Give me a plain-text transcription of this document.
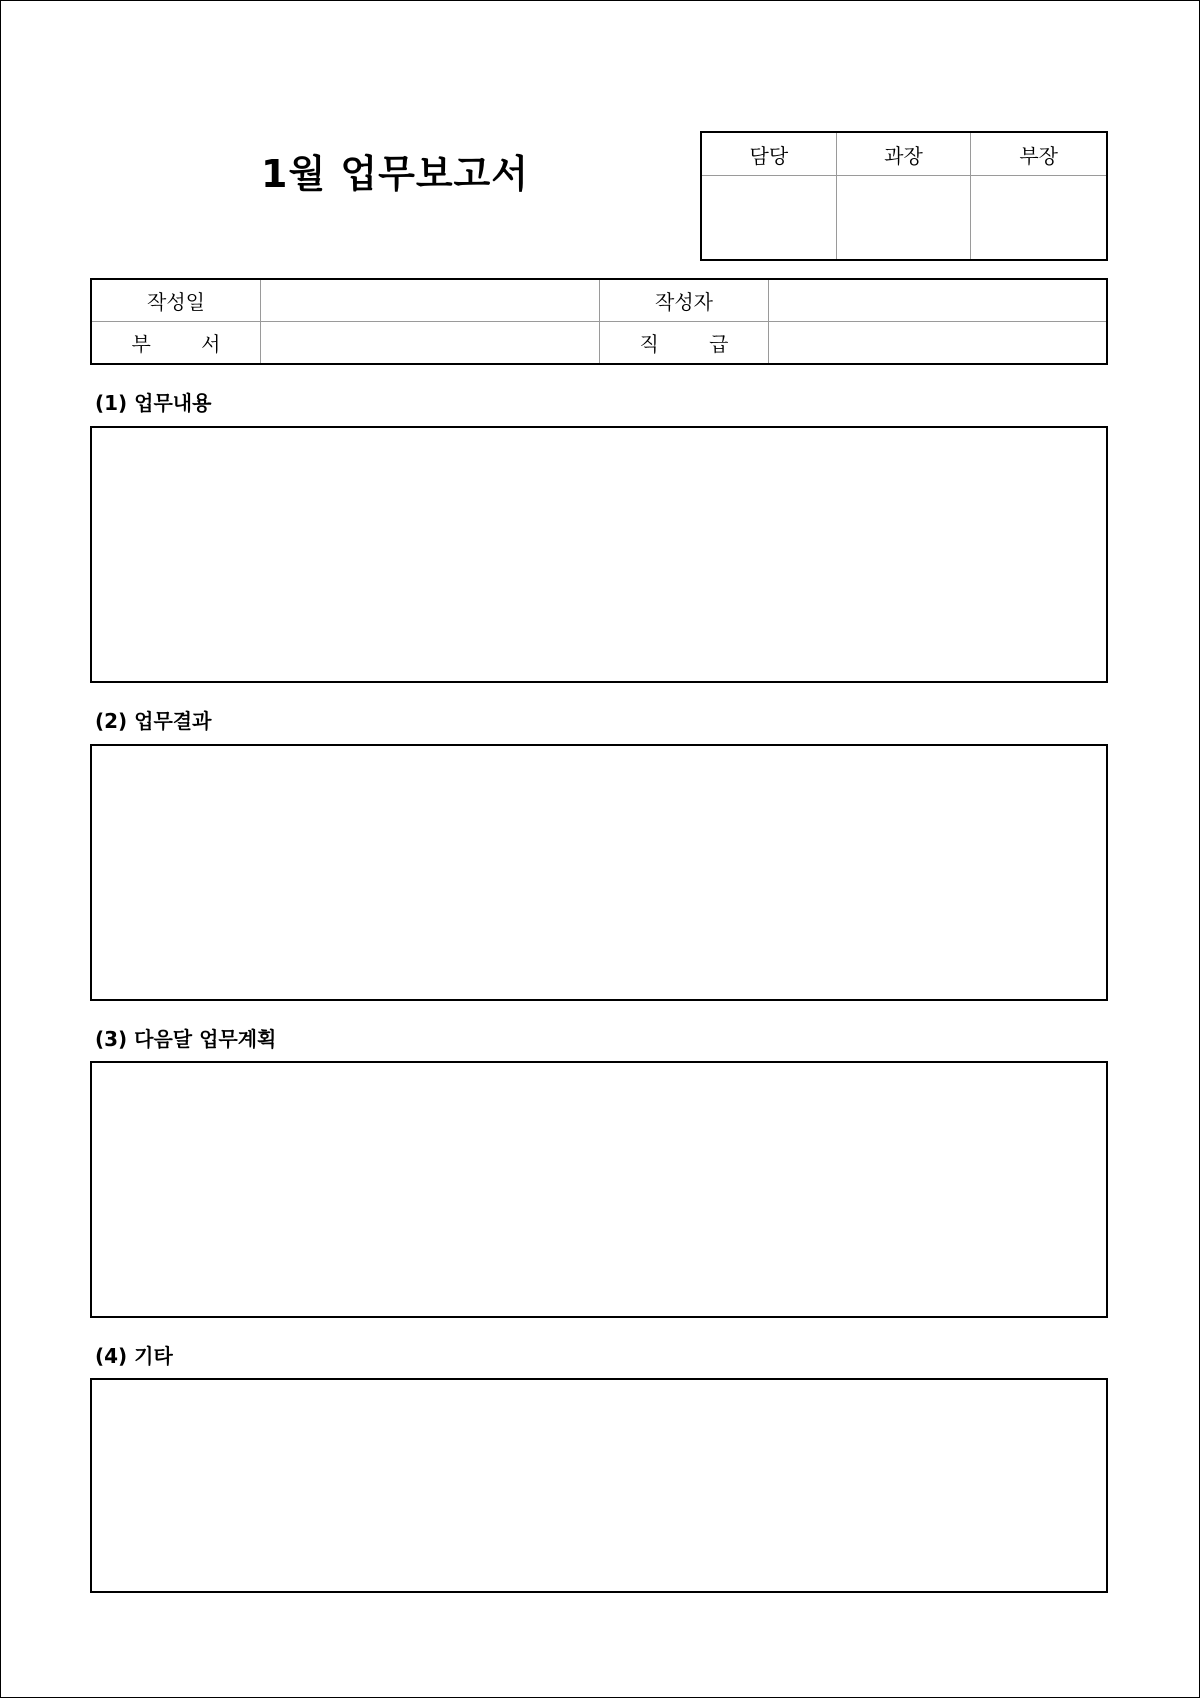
1월 업무보고서	담당	과장	부장
작성일	작성자
부 서	직 급
(1) 업무내용
(2) 업무결과
(3) 다음달 업무계획
(4) 기타
